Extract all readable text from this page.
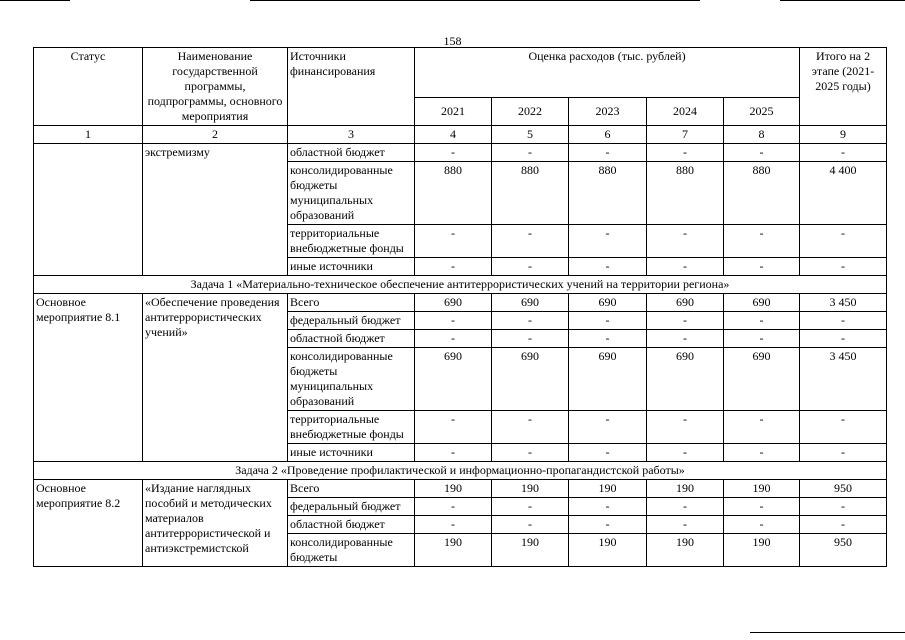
158
Статус	Наименование государственной программы, подпрограммы, основного мероприятия	Источники финансирования	Оценка расходов (тыс. рублей)					Итого на 2 этапе (2021-2025 годы)
			2021	2022	2023	2024	2025	
1	2	3	4	5	6	7	8	9
	экстремизму	областной бюджет	-	-	-	-	-	-
		консолидированные бюджеты муниципальных образований	880	880	880	880	880	4 400
		территориальные внебюджетные фонды	-	-	-	-	-	-
		иные источники	-	-	-	-	-	-
Задача 1 «Материально-техническое обеспечение антитеррористических учений на территории региона»								
Основное мероприятие 8.1	«Обеспечение проведения антитеррористических учений»	Всего	690	690	690	690	690	3 450
		федеральный бюджет	-	-	-	-	-	-
		областной бюджет	-	-	-	-	-	-
		консолидированные бюджеты муниципальных образований	690	690	690	690	690	3 450
		территориальные внебюджетные фонды	-	-	-	-	-	-
		иные источники	-	-	-	-	-	-
Задача 2 «Проведение профилактической и информационно-пропагандистской работы»								
Основное мероприятие 8.2	«Издание наглядных пособий и методических материалов антитеррористической и антиэкстремистской	Всего	190	190	190	190	190	950
		федеральный бюджет	-	-	-	-	-	-
		областной бюджет	-	-	-	-	-	-
		консолидированные бюджеты	190	190	190	190	190	950
